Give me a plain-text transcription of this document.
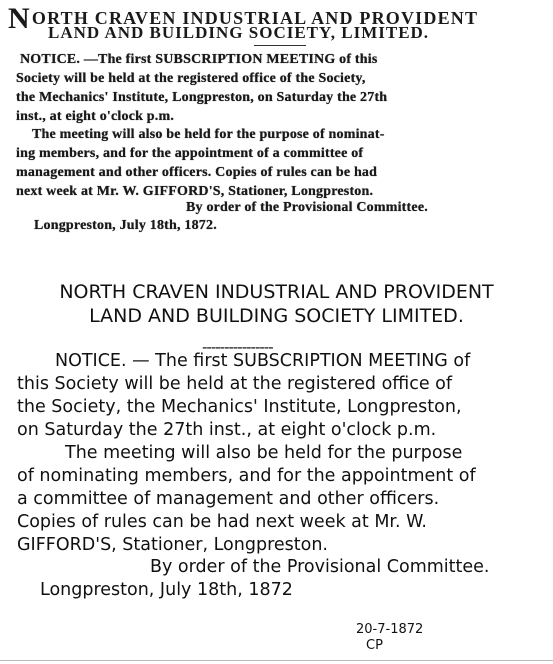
NORTH CRAVEN INDUSTRIAL AND PROVIDENT
LAND AND BUILDING SOCIETY, LIMITED.
NOTICE. —The first SUBSCRIPTION MEETING of this
Society will be held at the registered office of the Society,
the Mechanics' Institute, Longpreston, on Saturday the 27th
inst., at eight o'clock p.m.
The meeting will also be held for the purpose of nominat-
ing members, and for the appointment of a committee of
management and other officers. Copies of rules can be had
next week at Mr. W. GIFFORD'S, Stationer, Longpreston.
By order of the Provisional Committee.
Longpreston, July 18th, 1872.
NORTH CRAVEN INDUSTRIAL AND PROVIDENT
LAND AND BUILDING SOCIETY LIMITED.
----------------
NOTICE. — The first SUBSCRIPTION MEETING of
this Society will be held at the registered office of
the Society, the Mechanics' Institute, Longpreston,
on Saturday the 27th inst., at eight o'clock p.m.
The meeting will also be held for the purpose
of nominating members, and for the appointment of
a committee of management and other officers.
Copies of rules can be had next week at Mr. W.
GIFFORD'S, Stationer, Longpreston.
By order of the Provisional Committee.
Longpreston, July 18th, 1872
20-7-1872
CP
